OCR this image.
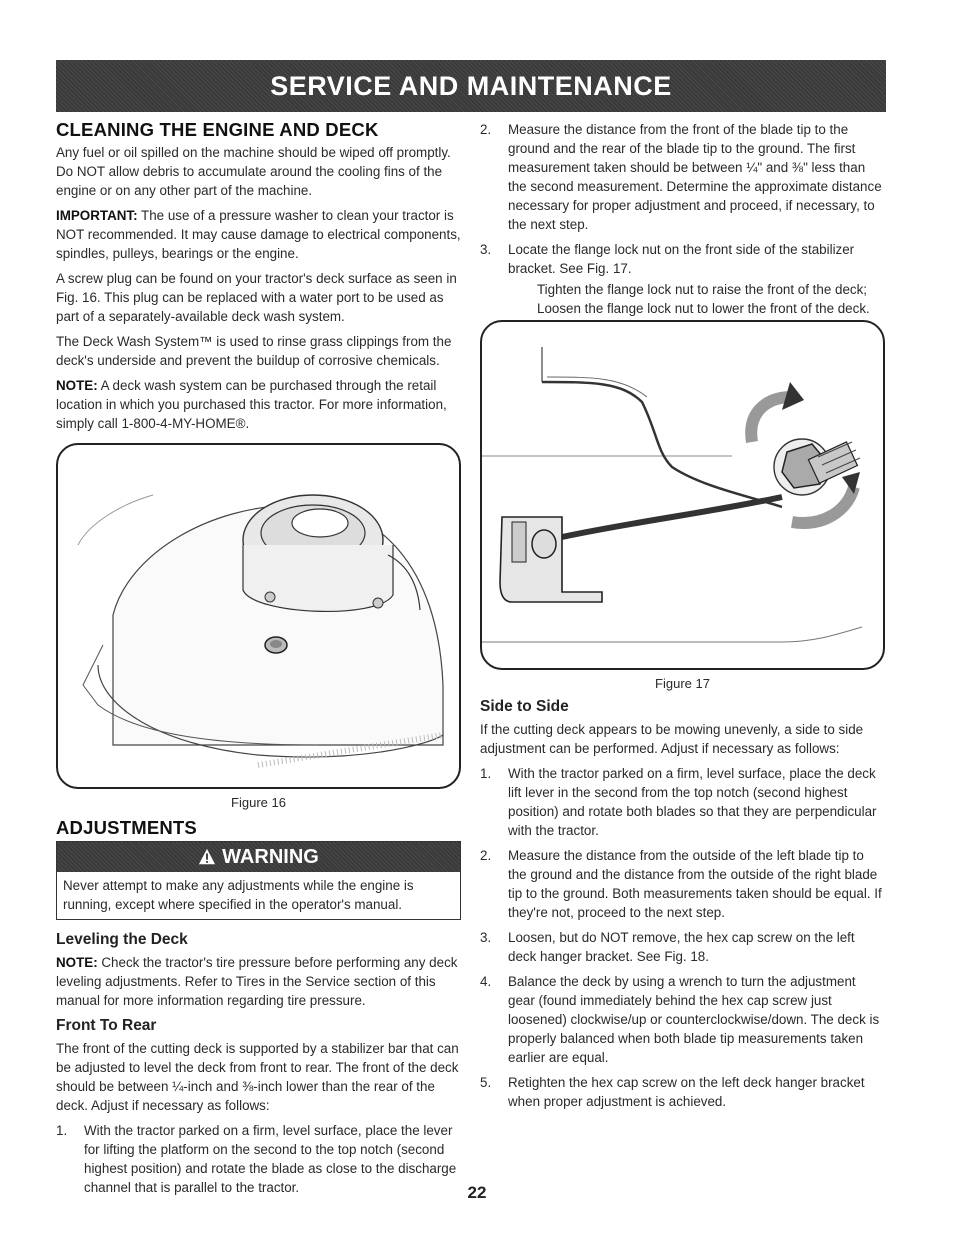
SERVICE AND MAINTENANCE
CLEANING THE ENGINE AND DECK

Any fuel or oil spilled on the machine should be wiped off promptly. Do NOT allow debris to accumulate around the cooling fins of the engine or on any other part of the machine.

IMPORTANT: The use of a pressure washer to clean your tractor is NOT recommended. It may cause damage to electrical components, spindles, pulleys, bearings or the engine.

A screw plug can be found on your tractor's deck surface as seen in Fig. 16. This plug can be replaced with a water port to be used as part of a separately-available deck wash system.

The Deck Wash System™ is used to rinse grass clippings from the deck's underside and prevent the buildup of corrosive chemicals.

NOTE: A deck wash system can be purchased through the retail location in which you purchased this tractor. For more information, simply call 1-800-4-MY-HOME®.

Figure 16
ADJUSTMENTS
WARNING
Never attempt to make any adjustments while the engine is running, except where specified in the operator's manual.
Leveling the Deck

NOTE: Check the tractor's tire pressure before performing any deck leveling adjustments. Refer to Tires in the Service section of this manual for more information regarding tire pressure.

Front To Rear

The front of the cutting deck is supported by a stabilizer bar that can be adjusted to level the deck from front to rear. The front of the deck should be between ¼-inch and ⅜-inch lower than the rear of the deck. Adjust if necessary as follows:

1. With the tractor parked on a firm, level surface, place the lever for lifting the platform on the second to the top notch (second highest position) and rotate the blade as close to the discharge channel that is parallel to the tractor.
2. Measure the distance from the front of the blade tip to the ground and the rear of the blade tip to the ground. The first measurement taken should be between ¼" and ⅜" less than the second measurement. Determine the approximate distance necessary for proper adjustment and proceed, if necessary, to the next step.
3. Locate the flange lock nut on the front side of the stabilizer bracket. See Fig. 17.

Tighten the flange lock nut to raise the front of the deck;

Loosen the flange lock nut to lower the front of the deck.

Figure 17
Side to Side

If the cutting deck appears to be mowing unevenly, a side to side adjustment can be performed. Adjust if necessary as follows:

1. With the tractor parked on a firm, level surface, place the deck lift lever in the second from the top notch (second highest position) and rotate both blades so that they are perpendicular with the tractor.
2. Measure the distance from the outside of the left blade tip to the ground and the distance from the outside of the right blade tip to the ground. Both measurements taken should be equal. If they're not, proceed to the next step.
3. Loosen, but do NOT remove, the hex cap screw on the left deck hanger bracket. See Fig. 18.
4. Balance the deck by using a wrench to turn the adjustment gear (found immediately behind the hex cap screw just loosened) clockwise/up or counterclockwise/down. The deck is properly balanced when both blade tip measurements taken earlier are equal.
5. Retighten the hex cap screw on the left deck hanger bracket when proper adjustment is achieved.
22
